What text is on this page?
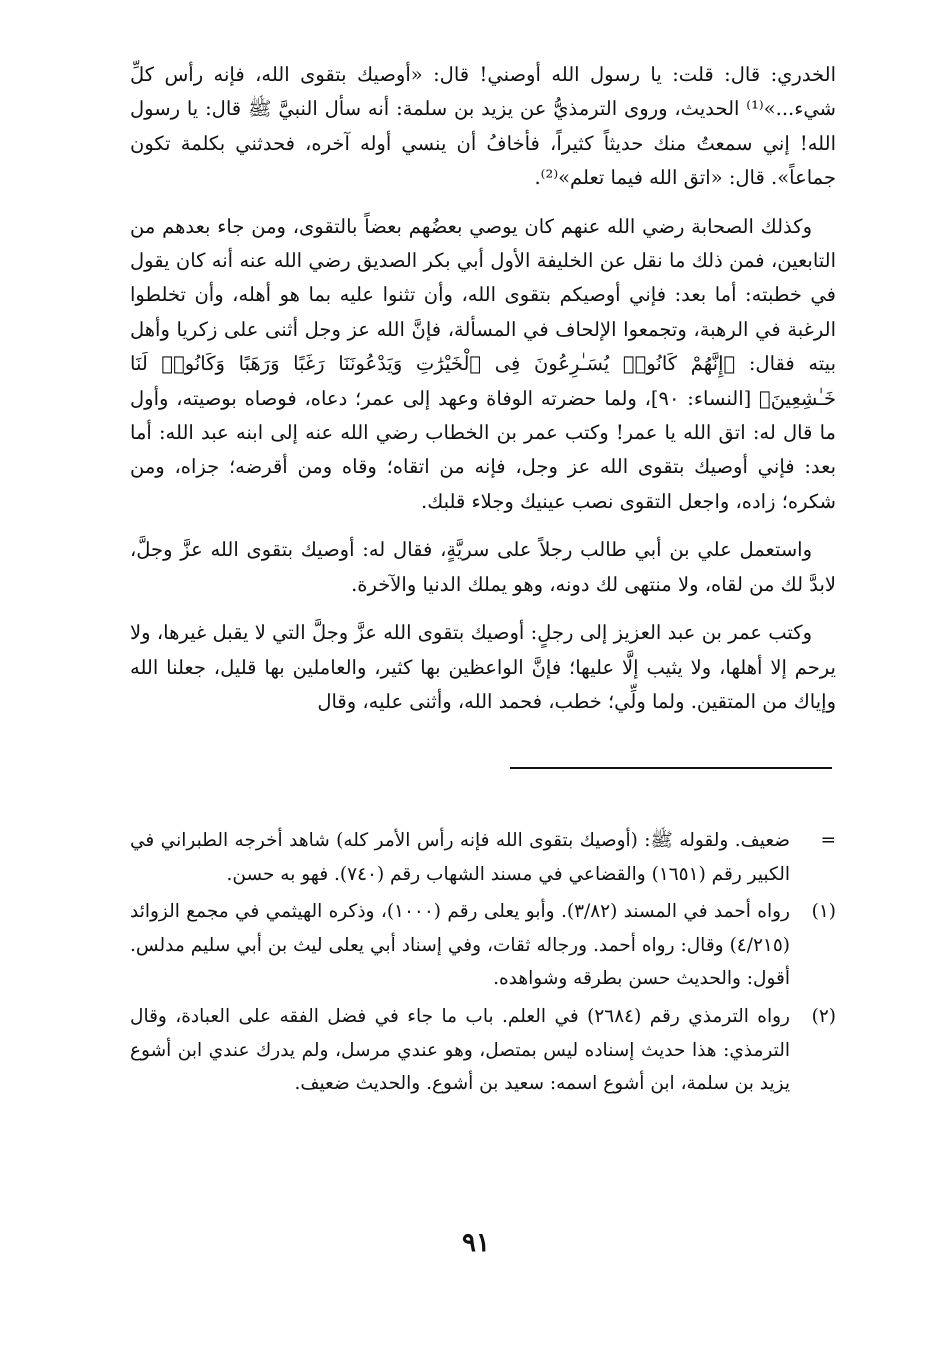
الخدري: قال: قلت: يا رسول الله أوصني! قال: «أوصيك بتقوى الله، فإنه رأس كلِّ شيء...»⁽¹⁾ الحديث، وروى الترمذيُّ عن يزيد بن سلمة: أنه سأل النبيَّ ﷺ قال: يا رسول الله! إني سمعتُ منك حديثاً كثيراً، فأخافُ أن ينسي أوله آخره، فحدثني بكلمة تكون جماعاً». قال: «اتق الله فيما تعلم»⁽²⁾.

وكذلك الصحابة رضي الله عنهم كان يوصي بعضُهم بعضاً بالتقوى، ومن جاء بعدهم من التابعين، فمن ذلك ما نقل عن الخليفة الأول أبي بكر الصديق رضي الله عنه أنه كان يقول في خطبته: أما بعد: فإني أوصيكم بتقوى الله، وأن تثنوا عليه بما هو أهله، وأن تخلطوا الرغبة في الرهبة، وتجمعوا الإلحاف في المسألة، فإنَّ الله عز وجل أثنى على زكريا وأهل بيته فقال: ﴿إِنَّهُمْ كَانُوا۟ يُسَـٰرِعُونَ فِى ٱلْخَيْرَٰتِ وَيَدْعُونَنَا رَغَبًا وَرَهَبًا وَكَانُوا۟ لَنَا خَـٰشِعِينَ﴾ [النساء: ٩٠]، ولما حضرته الوفاة وعهد إلى عمر؛ دعاه، فوصاه بوصيته، وأول ما قال له: اتق الله يا عمر! وكتب عمر بن الخطاب رضي الله عنه إلى ابنه عبد الله: أما بعد: فإني أوصيك بتقوى الله عز وجل، فإنه من اتقاه؛ وقاه ومن أقرضه؛ جزاه، ومن شكره؛ زاده، واجعل التقوى نصب عينيك وجلاء قلبك.

واستعمل علي بن أبي طالب رجلاً على سريَّةٍ، فقال له: أوصيك بتقوى الله عزَّ وجلَّ، لابدَّ لك من لقاه، ولا منتهى لك دونه، وهو يملك الدنيا والآخرة.

وكتب عمر بن عبد العزيز إلى رجلٍ: أوصيك بتقوى الله عزَّ وجلَّ التي لا يقبل غيرها، ولا يرحم إلا أهلها، ولا يثيب إلَّا عليها؛ فإنَّ الواعظين بها كثير، والعاملين بها قليل، جعلنا الله وإياك من المتقين. ولما ولِّي؛ خطب، فحمد الله، وأثنى عليه، وقال

=
ضعيف. ولقوله ﷺ: (أوصيك بتقوى الله فإنه رأس الأمر كله) شاهد أخرجه الطبراني في الكبير رقم (١٦٥١) والقضاعي في مسند الشهاب رقم (٧٤٠). فهو به حسن.
(١)
رواه أحمد في المسند (٣/٨٢). وأبو يعلى رقم (١٠٠٠)، وذكره الهيثمي في مجمع الزوائد (٤/٢١٥) وقال: رواه أحمد. ورجاله ثقات، وفي إسناد أبي يعلى ليث بن أبي سليم مدلس. أقول: والحديث حسن بطرقه وشواهده.
(٢)
رواه الترمذي رقم (٢٦٨٤) في العلم. باب ما جاء في فضل الفقه على العبادة، وقال الترمذي: هذا حديث إسناده ليس بمتصل، وهو عندي مرسل، ولم يدرك عندي ابن أشوع يزيد بن سلمة، ابن أشوع اسمه: سعيد بن أشوع. والحديث ضعيف.
٩١
